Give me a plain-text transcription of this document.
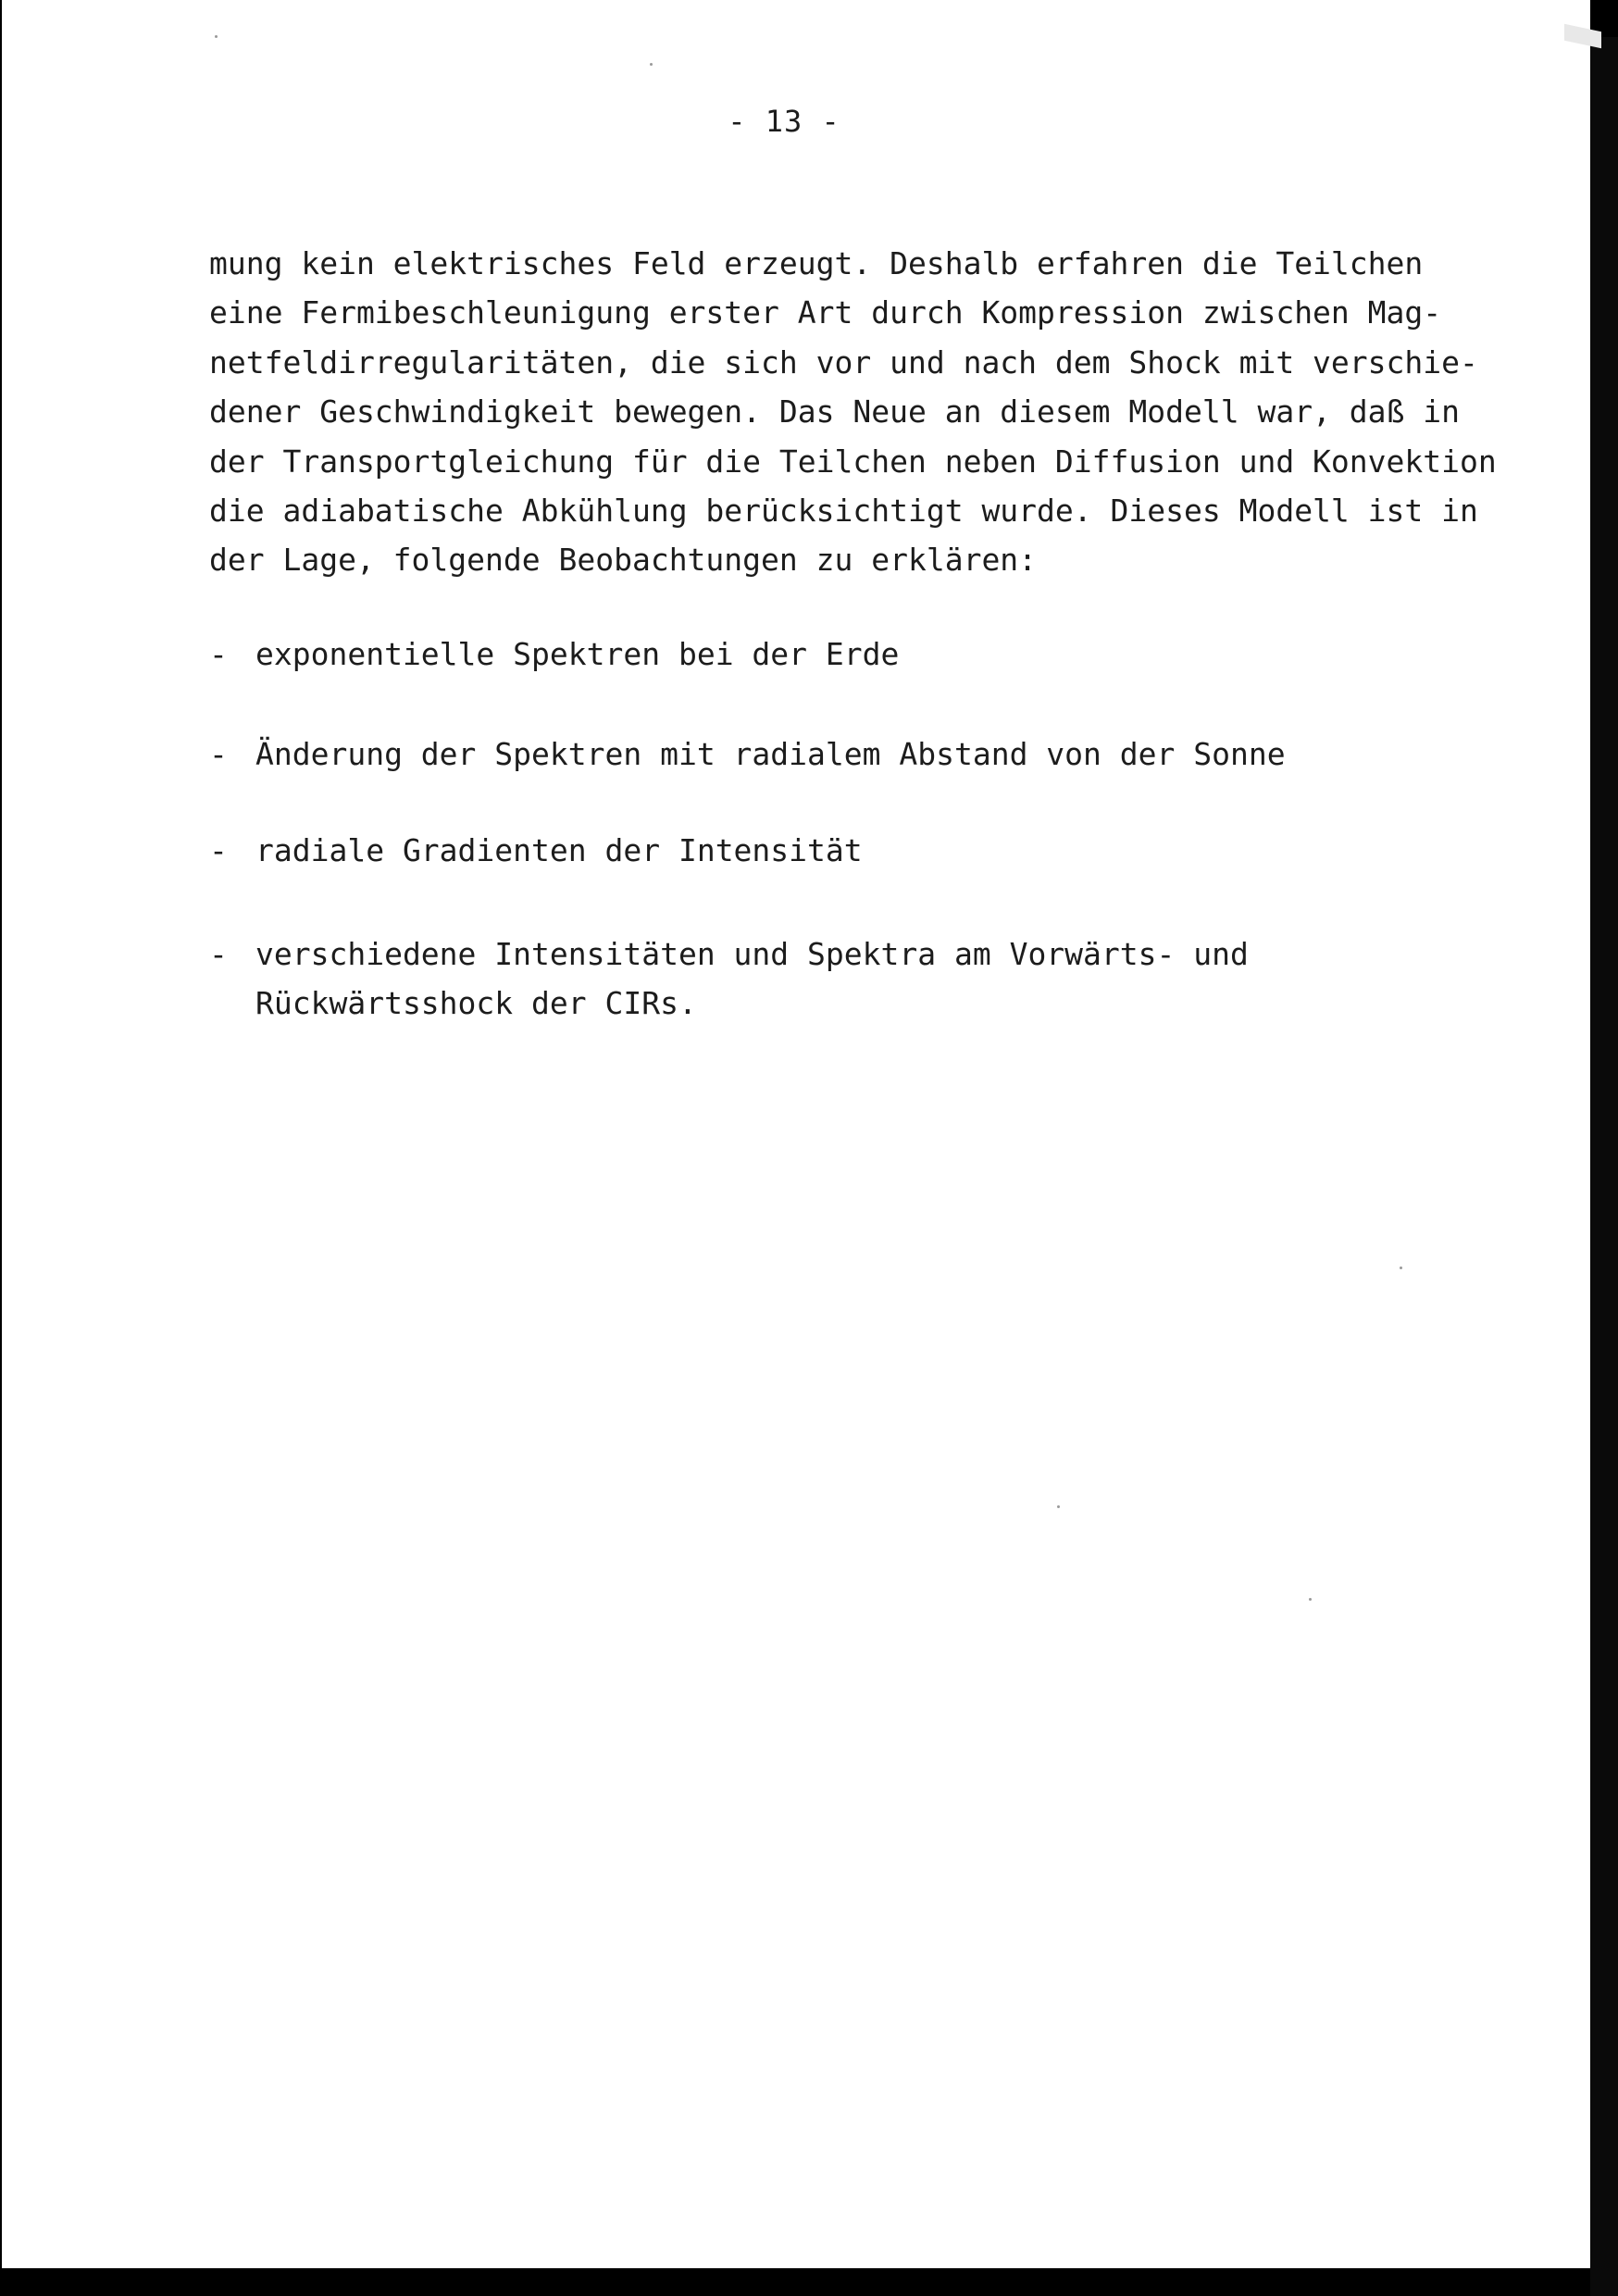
- 13 -
mung kein elektrisches Feld erzeugt. Deshalb erfahren die Teilchen
eine Fermibeschleunigung erster Art durch Kompression zwischen Mag-
netfeldirregularitäten, die sich vor und nach dem Shock mit verschie-
dener Geschwindigkeit bewegen. Das Neue an diesem Modell war, daß in
der Transportgleichung für die Teilchen neben Diffusion und Konvektion
die adiabatische Abkühlung berücksichtigt wurde. Dieses Modell ist in
der Lage, folgende Beobachtungen zu erklären:
- exponentielle Spektren bei der Erde
- Änderung der Spektren mit radialem Abstand von der Sonne
- radiale Gradienten der Intensität
- verschiedene Intensitäten und Spektra am Vorwärts- und
Rückwärtsshock der CIRs.
